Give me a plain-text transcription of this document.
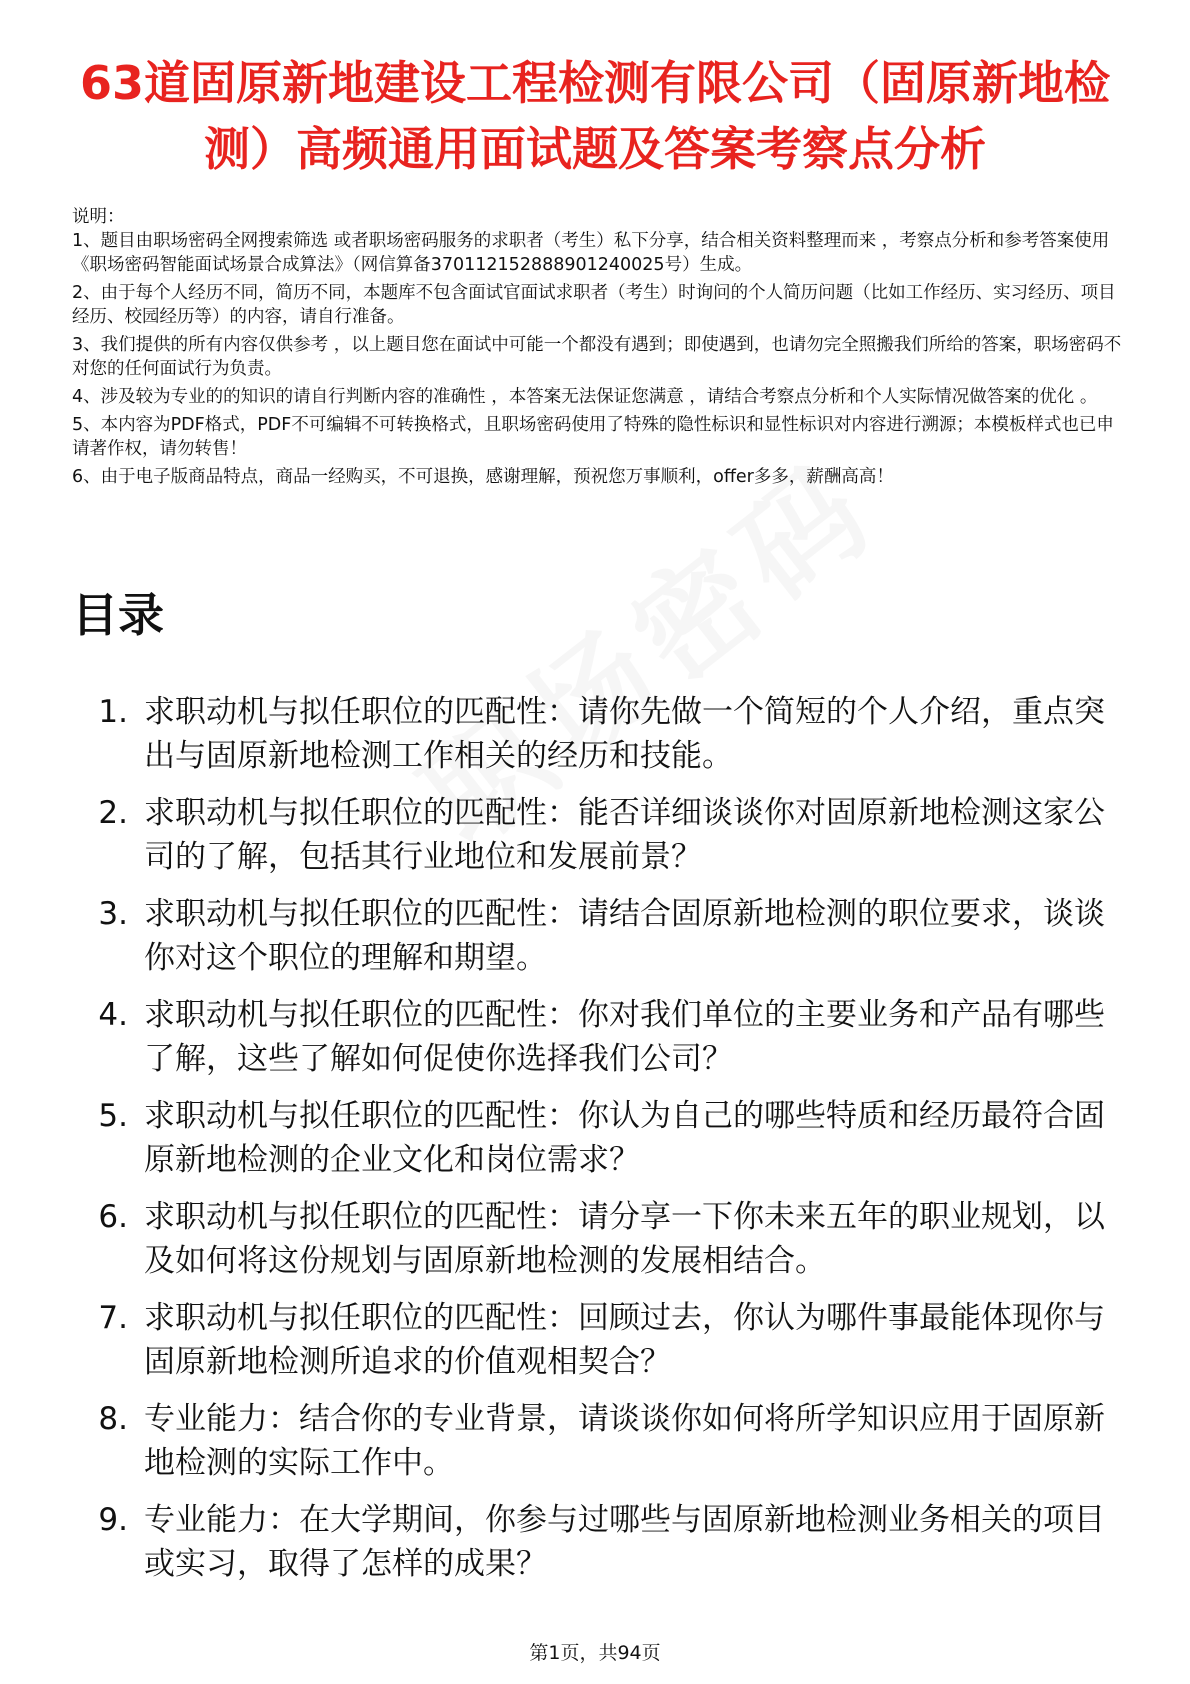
63道固原新地建设工程检测有限公司（固原新地检测）高频通用面试题及答案考察点分析

说明：

1、题目由职场密码全网搜索筛选 或者职场密码服务的求职者（考生）私下分享，结合相关资料整理而来 ，考察点分析和参考答案使用《职场密码智能面试场景合成算法》（网信算备370112152888901240025号）生成。

2、由于每个人经历不同，简历不同，本题库不包含面试官面试求职者（考生）时询问的个人简历问题（比如工作经历、实习经历、项目经历、校园经历等）的内容，请自行准备。

3、我们提供的所有内容仅供参考 ，以上题目您在面试中可能一个都没有遇到；即使遇到，也请勿完全照搬我们所给的答案，职场密码不对您的任何面试行为负责。

4、涉及较为专业的的知识的请自行判断内容的准确性 ，本答案无法保证您满意 ，请结合考察点分析和个人实际情况做答案的优化 。

5、本内容为PDF格式，PDF不可编辑不可转换格式，且职场密码使用了特殊的隐性标识和显性标识对内容进行溯源；本模板样式也已申请著作权，请勿转售！

6、由于电子版商品特点，商品一经购买，不可退换，感谢理解，预祝您万事顺利，offer多多，薪酬高高！

目录
1. 求职动机与拟任职位的匹配性：请你先做一个简短的个人介绍，重点突出与固原新地检测工作相关的经历和技能。
2. 求职动机与拟任职位的匹配性：能否详细谈谈你对固原新地检测这家公司的了解，包括其行业地位和发展前景？
3. 求职动机与拟任职位的匹配性：请结合固原新地检测的职位要求，谈谈你对这个职位的理解和期望。
4. 求职动机与拟任职位的匹配性：你对我们单位的主要业务和产品有哪些了解，这些了解如何促使你选择我们公司？
5. 求职动机与拟任职位的匹配性：你认为自己的哪些特质和经历最符合固原新地检测的企业文化和岗位需求？
6. 求职动机与拟任职位的匹配性：请分享一下你未来五年的职业规划，以及如何将这份规划与固原新地检测的发展相结合。
7. 求职动机与拟任职位的匹配性：回顾过去，你认为哪件事最能体现你与固原新地检测所追求的价值观相契合？
8. 专业能力：结合你的专业背景，请谈谈你如何将所学知识应用于固原新地检测的实际工作中。
9. 专业能力：在大学期间，你参与过哪些与固原新地检测业务相关的项目或实习，取得了怎样的成果？
第1页，共94页
